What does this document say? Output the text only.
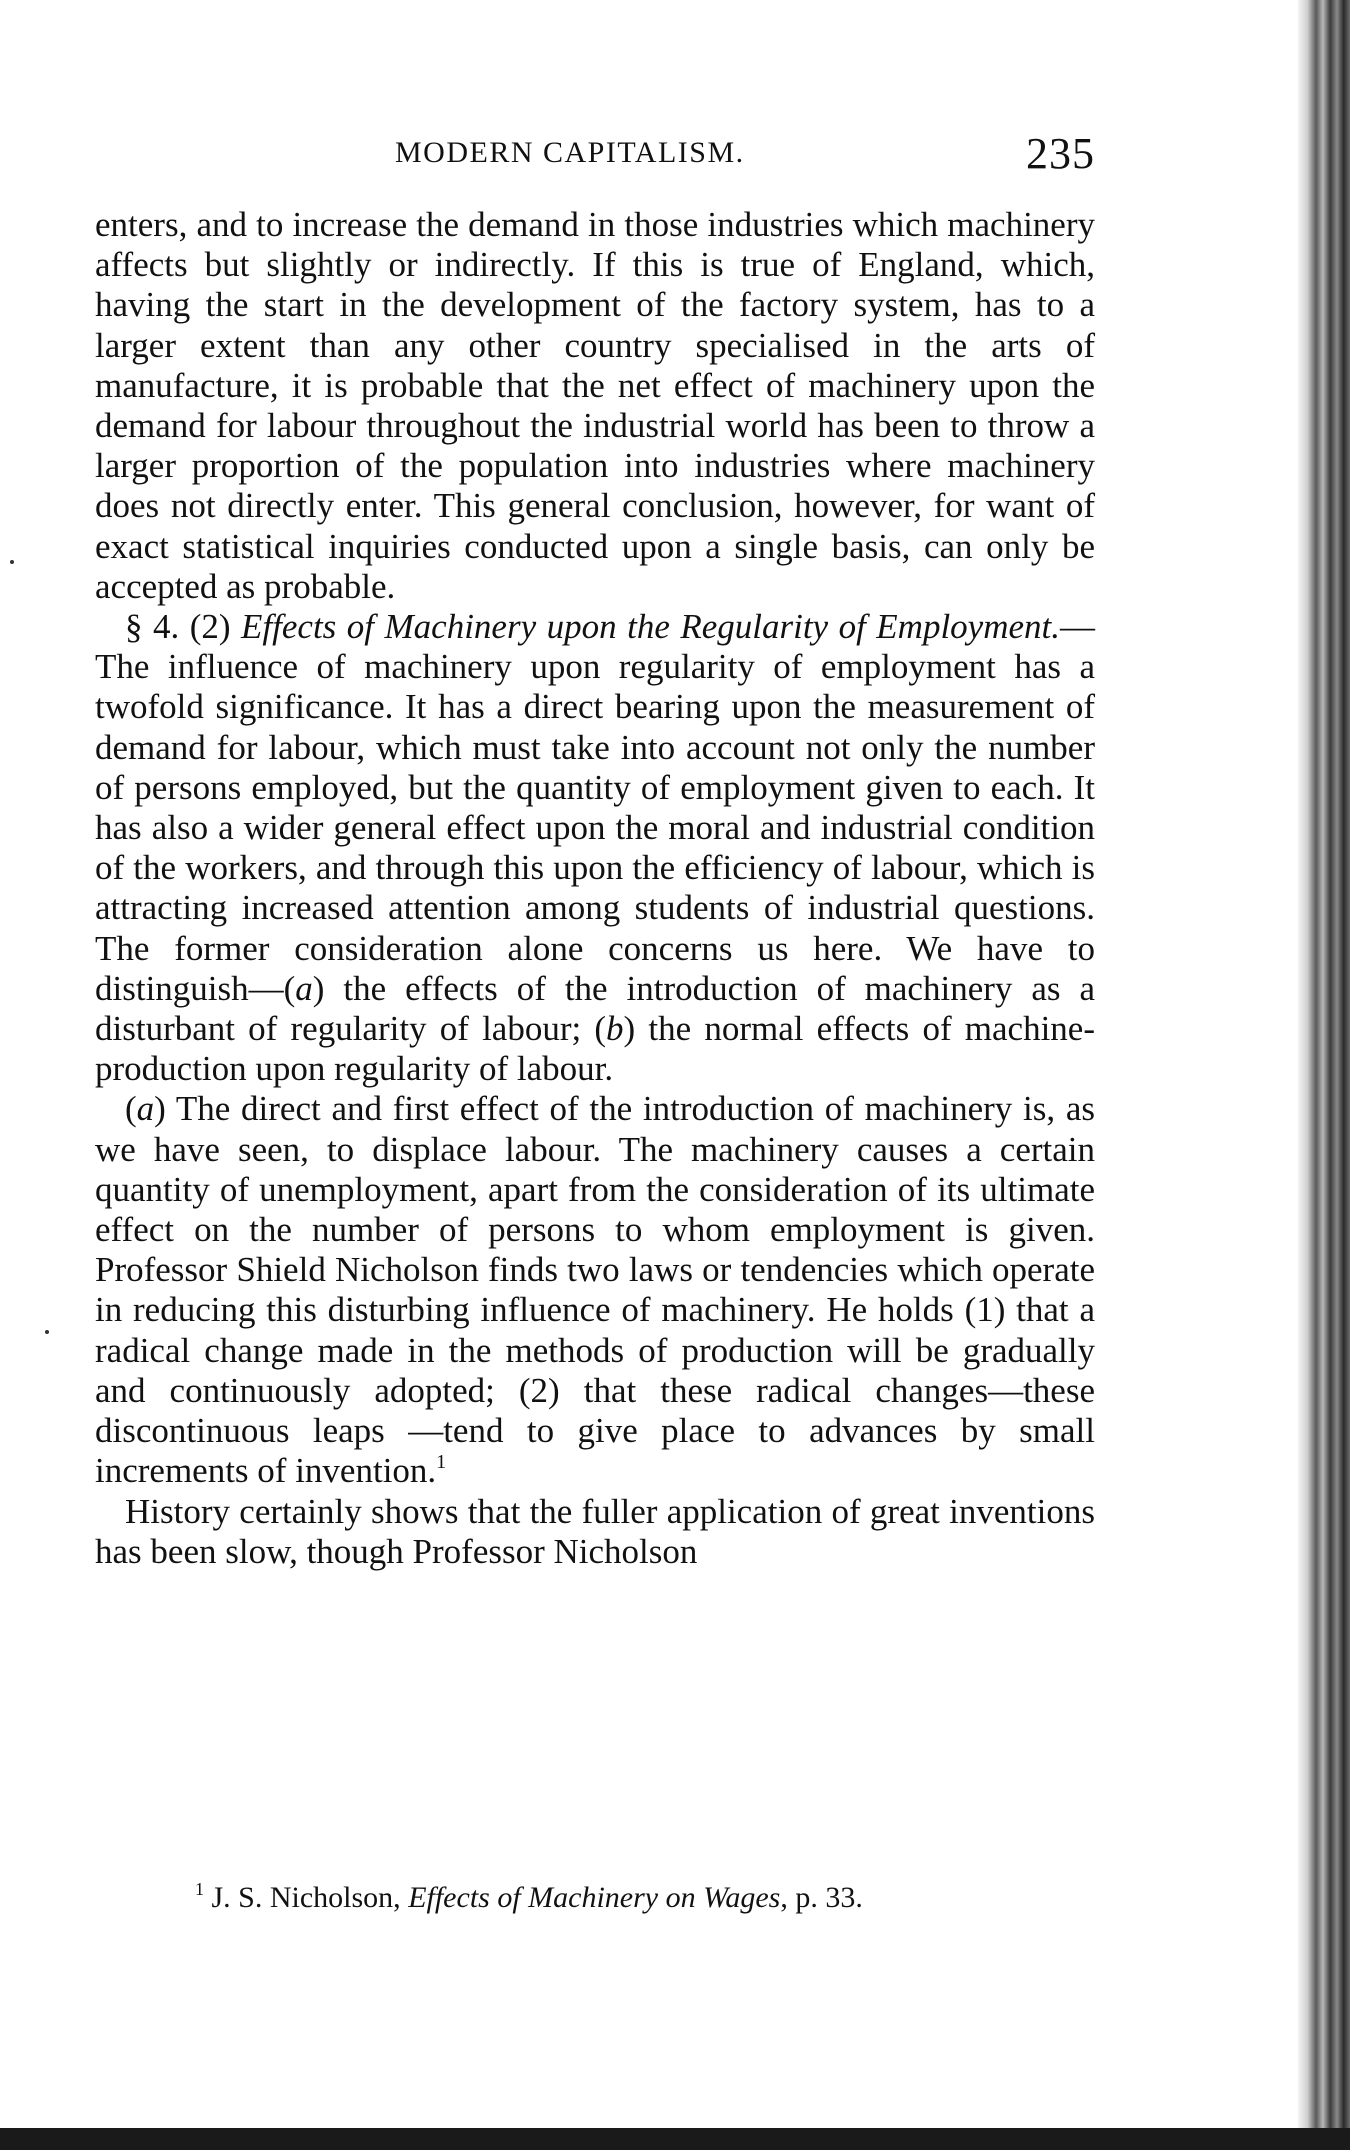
MODERN CAPITALISM.	235

enters, and to increase the demand in those industries which machinery affects but slightly or indirectly. If this is true of England, which, having the start in the development of the factory system, has to a larger extent than any other country specialised in the arts of manufacture, it is probable that the net effect of machinery upon the demand for labour throughout the industrial world has been to throw a larger proportion of the population into industries where machinery does not directly enter. This general conclusion, however, for want of exact statistical inquiries conducted upon a single basis, can only be accepted as probable.

§ 4. (2) Effects of Machinery upon the Regularity of Employment.—The influence of machinery upon regularity of employment has a twofold significance. It has a direct bearing upon the measurement of demand for labour, which must take into account not only the number of persons employed, but the quantity of employment given to each. It has also a wider general effect upon the moral and industrial condition of the workers, and through this upon the efficiency of labour, which is attracting increased attention among students of industrial questions. The former consideration alone concerns us here. We have to distinguish—(a) the effects of the introduction of machinery as a disturbant of regularity of labour; (b) the normal effects of machine-production upon regularity of labour.

(a) The direct and first effect of the introduction of machinery is, as we have seen, to displace labour. The machinery causes a certain quantity of unemployment, apart from the consideration of its ultimate effect on the number of persons to whom employment is given. Professor Shield Nicholson finds two laws or tendencies which operate in reducing this disturbing influence of machinery. He holds (1) that a radical change made in the methods of production will be gradually and continuously adopted; (2) that these radical changes—these discontinuous leaps —tend to give place to advances by small increments of invention.$^1$

History certainly shows that the fuller application of great inventions has been slow, though Professor Nicholson

$^1$ J. S. Nicholson, Effects of Machinery on Wages, p. 33.
